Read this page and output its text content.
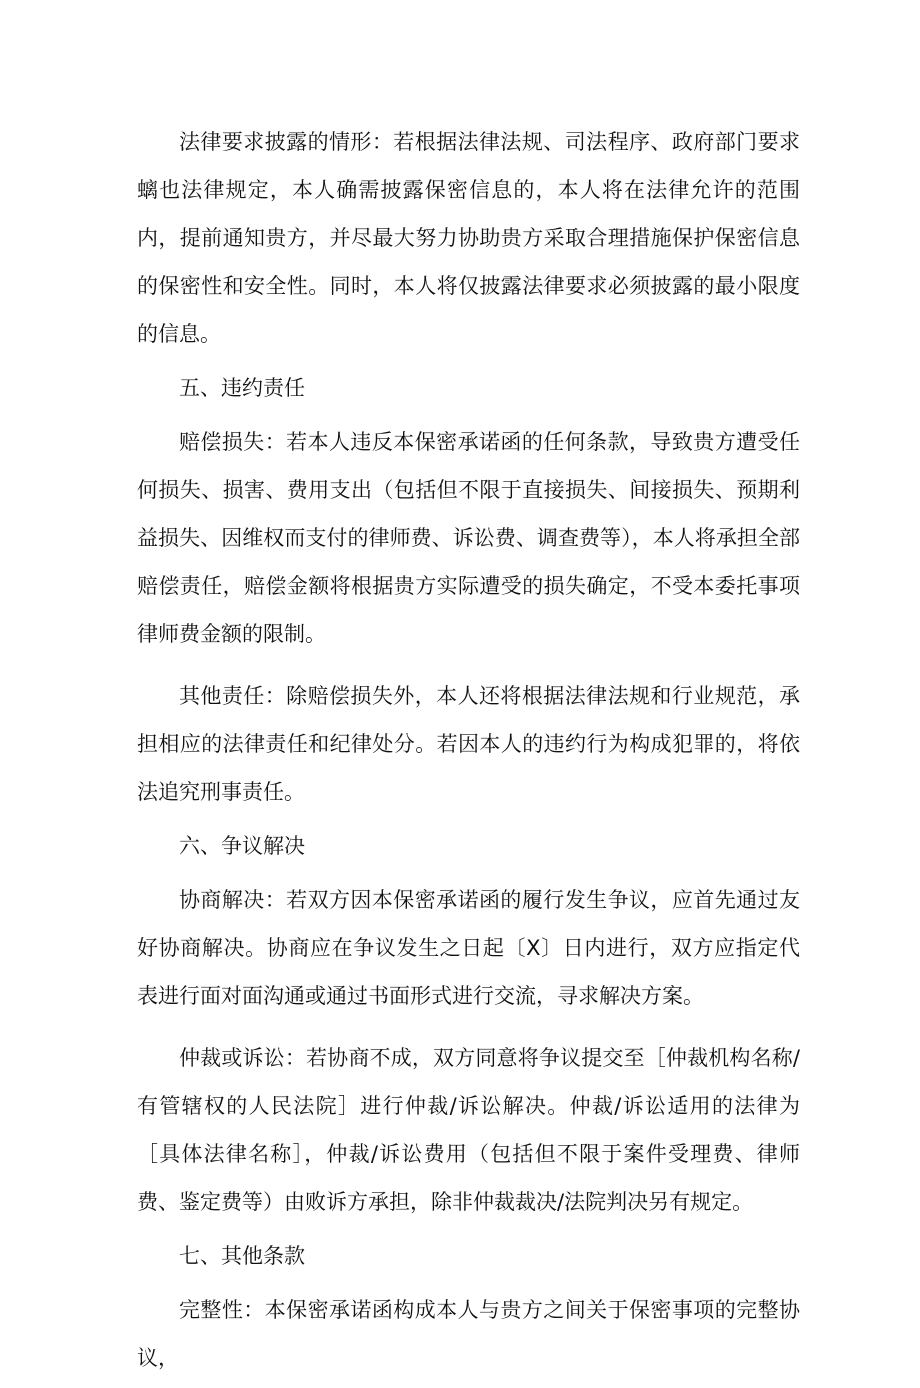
法律要求披露的情形：若根据法律法规、司法程序、政府部门要求螭也法律规定，本人确需披露保密信息的，本人将在法律允许的范围内，提前通知贵方，并尽最大努力协助贵方采取合理措施保护保密信息的保密性和安全性。同时，本人将仅披露法律要求必须披露的最小限度的信息。

五、违约责任

赔偿损失：若本人违反本保密承诺函的任何条款，导致贵方遭受任何损失、损害、费用支出（包括但不限于直接损失、间接损失、预期利益损失、因维权而支付的律师费、诉讼费、调查费等），本人将承担全部赔偿责任，赔偿金额将根据贵方实际遭受的损失确定，不受本委托事项律师费金额的限制。

其他责任：除赔偿损失外，本人还将根据法律法规和行业规范，承担相应的法律责任和纪律处分。若因本人的违约行为构成犯罪的，将依法追究刑事责任。

六、争议解决

协商解决：若双方因本保密承诺函的履行发生争议，应首先通过友好协商解决。协商应在争议发生之日起〔X〕日内进行，双方应指定代表进行面对面沟通或通过书面形式进行交流，寻求解决方案。

仲裁或诉讼：若协商不成，双方同意将争议提交至［仲裁机构名称/有管辖权的人民法院］进行仲裁/诉讼解决。仲裁/诉讼适用的法律为［具体法律名称］，仲裁/诉讼费用（包括但不限于案件受理费、律师费、鉴定费等）由败诉方承担，除非仲裁裁决/法院判决另有规定。

七、其他条款

完整性：本保密承诺函构成本人与贵方之间关于保密事项的完整协议，
